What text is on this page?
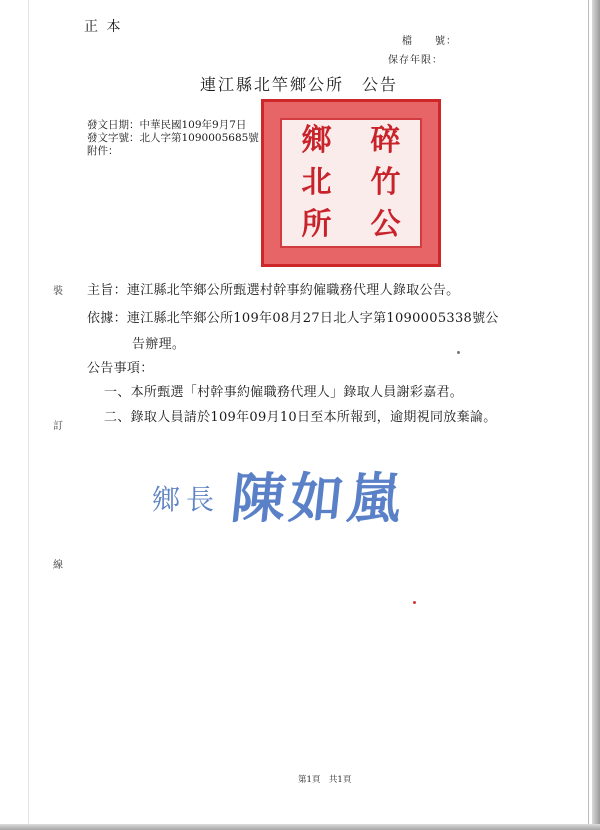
正 本
檔　　號：
保存年限：
連江縣北竿鄉公所　公告
發文日期：中華民國109年9月7日
發文字號：北人字第1090005685號
附件：	碎
竹
公
鄉
北
所
裝
訂
線
主旨：連江縣北竿鄉公所甄選村幹事約僱職務代理人錄取公告。
依據：連江縣北竿鄉公所109年08月27日北人字第1090005338號公
告辦理。
公告事項：
一、本所甄選「村幹事約僱職務代理人」錄取人員謝彩嘉君。
二、錄取人員請於109年09月10日至本所報到，逾期視同放棄論。
鄉長 陳如嵐
第1頁　共1頁
